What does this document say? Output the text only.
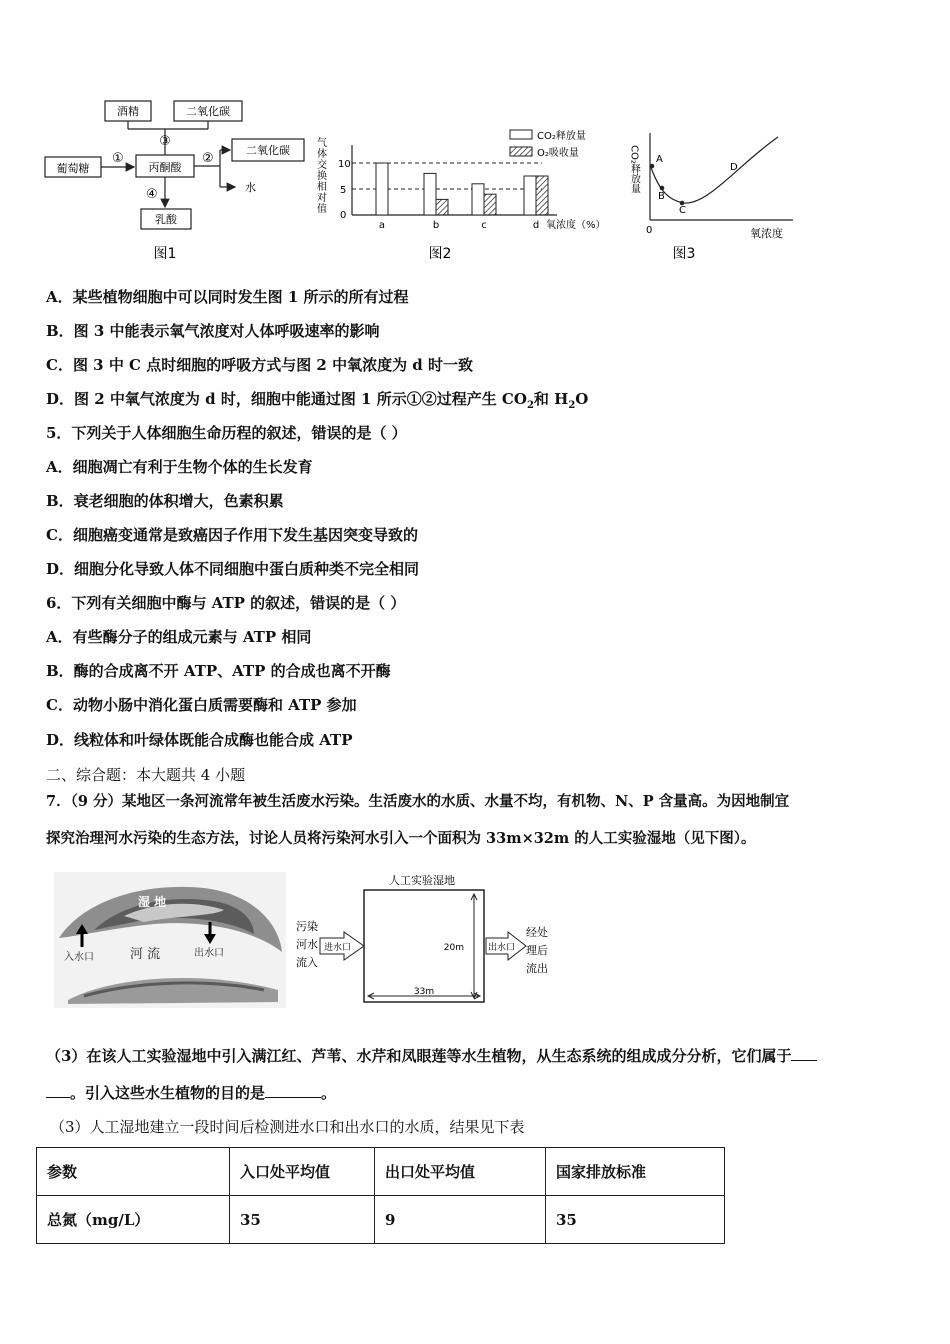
葡萄糖	丙酮酸
酒精	二氧化碳
二氧化碳
水
乳酸
①	②
③
④
图1
10
5
0
气体交换相对值
a	b	c	d 氧浓度（%）
CO₂释放量
O₂吸收量
图2
A
B
C
D
CO₂释放量
0	氧浓度
图3
A．某些植物细胞中可以同时发生图 1 所示的所有过程
B．图 3 中能表示氧气浓度对人体呼吸速率的影响
C．图 3 中 C 点时细胞的呼吸方式与图 2 中氧浓度为 d 时一致
D．图 2 中氧气浓度为 d 时，细胞中能通过图 1 所示①②过程产生 $CO_2$和 $H_2O$
5．下列关于人体细胞生命历程的叙述，错误的是（ ）
A．细胞凋亡有利于生物个体的生长发育
B．衰老细胞的体积增大，色素积累
C．细胞癌变通常是致癌因子作用下发生基因突变导致的
D．细胞分化导致人体不同细胞中蛋白质种类不完全相同
6．下列有关细胞中酶与 ATP 的叙述，错误的是（ ）
A．有些酶分子的组成元素与 ATP 相同
B．酶的合成离不开 ATP、ATP 的合成也离不开酶
C．动物小肠中消化蛋白质需要酶和 ATP 参加
D．线粒体和叶绿体既能合成酶也能合成 ATP
二、综合题：本大题共 4 小题
7．（9 分）某地区一条河流常年被生活废水污染。生活废水的水质、水量不均，有机物、N、P 含量高。为因地制宜
探究治理河水污染的生态方法，讨论人员将污染河水引入一个面积为 33m×32m 的人工实验湿地（见下图）。
湿 地
河 流
入水口	出水口
人工实验湿地
污染
河水
流入
进水口	出水口
经处
理后
流出
20m
33m
（3）在该人工实验湿地中引入满江红、芦苇、水芹和凤眼莲等水生植物，从生态系统的组成成分分析，它们属于
。引入这些水生植物的目的是	。
（3）人工湿地建立一段时间后检测进水口和出水口的水质，结果见下表
参数	入口处平均值	出口处平均值	国家排放标准
总氮（mg/L）	35	9	35
